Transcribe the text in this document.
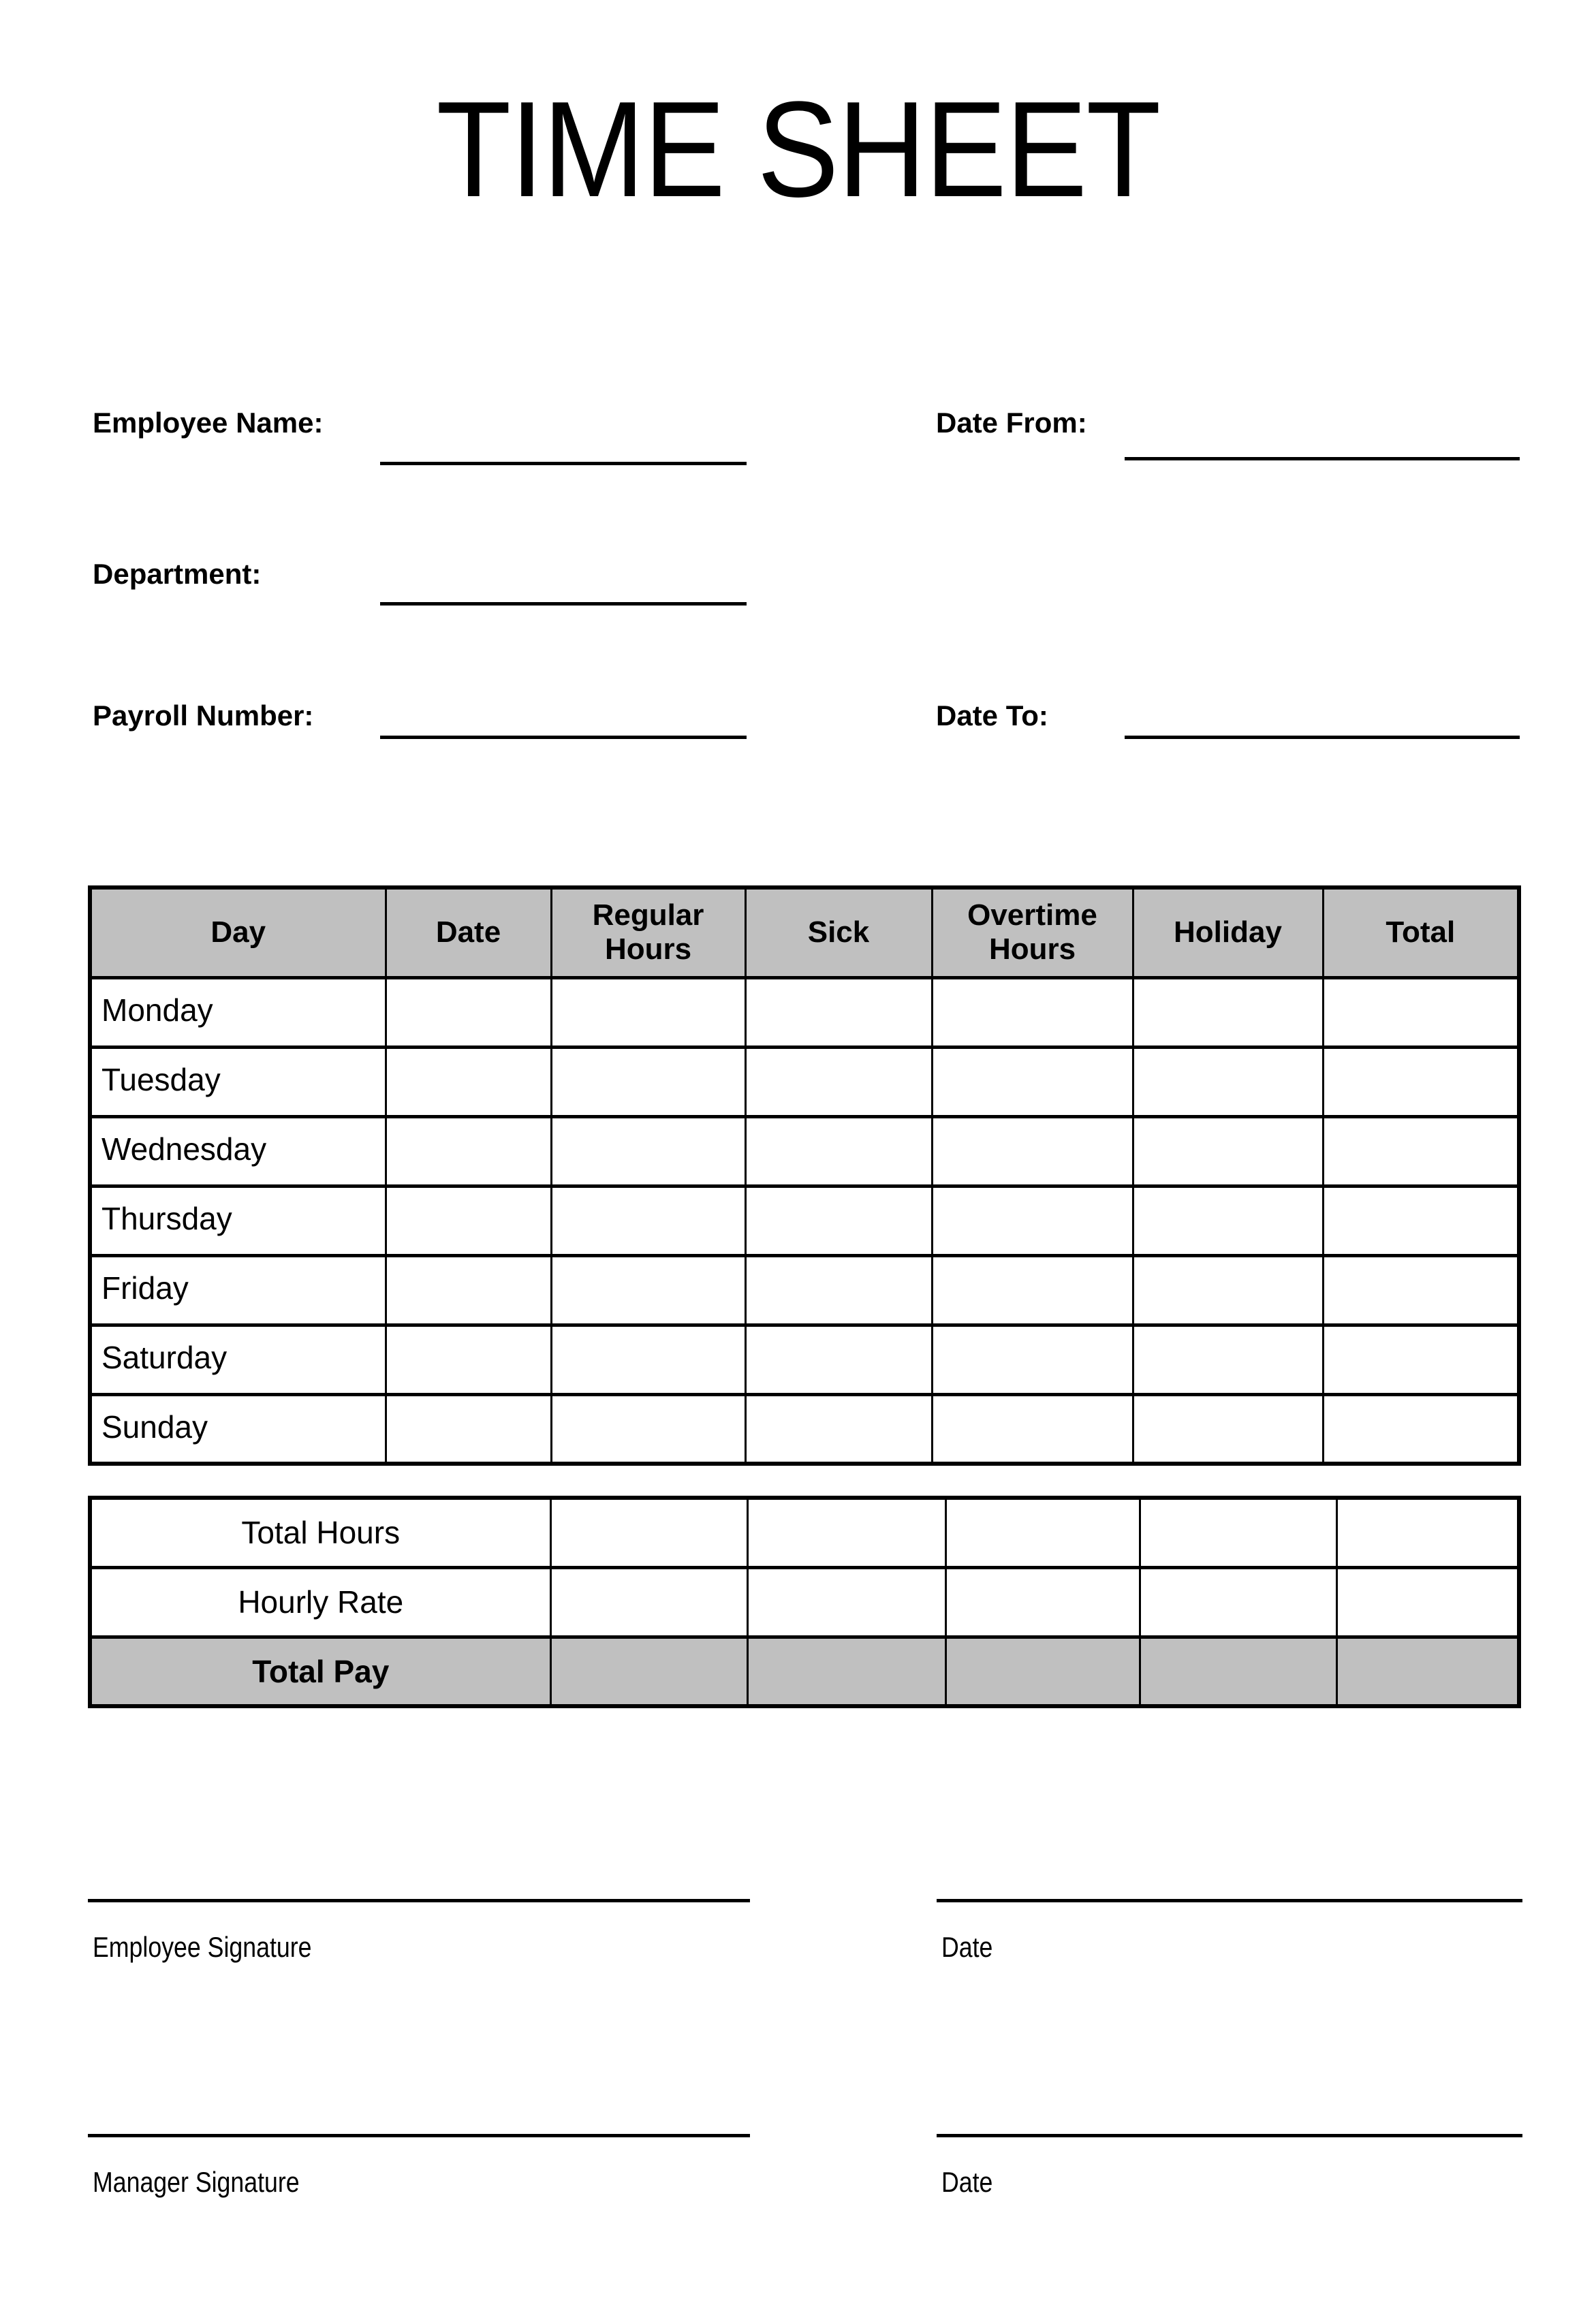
TIME SHEET
Employee Name:	Date From:
Department:
Payroll Number:	Date To:
Day	Date	Regular Hours	Sick	Overtime Hours	Holiday	Total
Monday						
Tuesday						
Wednesday						
Thursday						
Friday						
Saturday						
Sunday						
Total Hours					
Hourly Rate					
Total Pay					
Employee Signature	Date
Manager Signature	Date
